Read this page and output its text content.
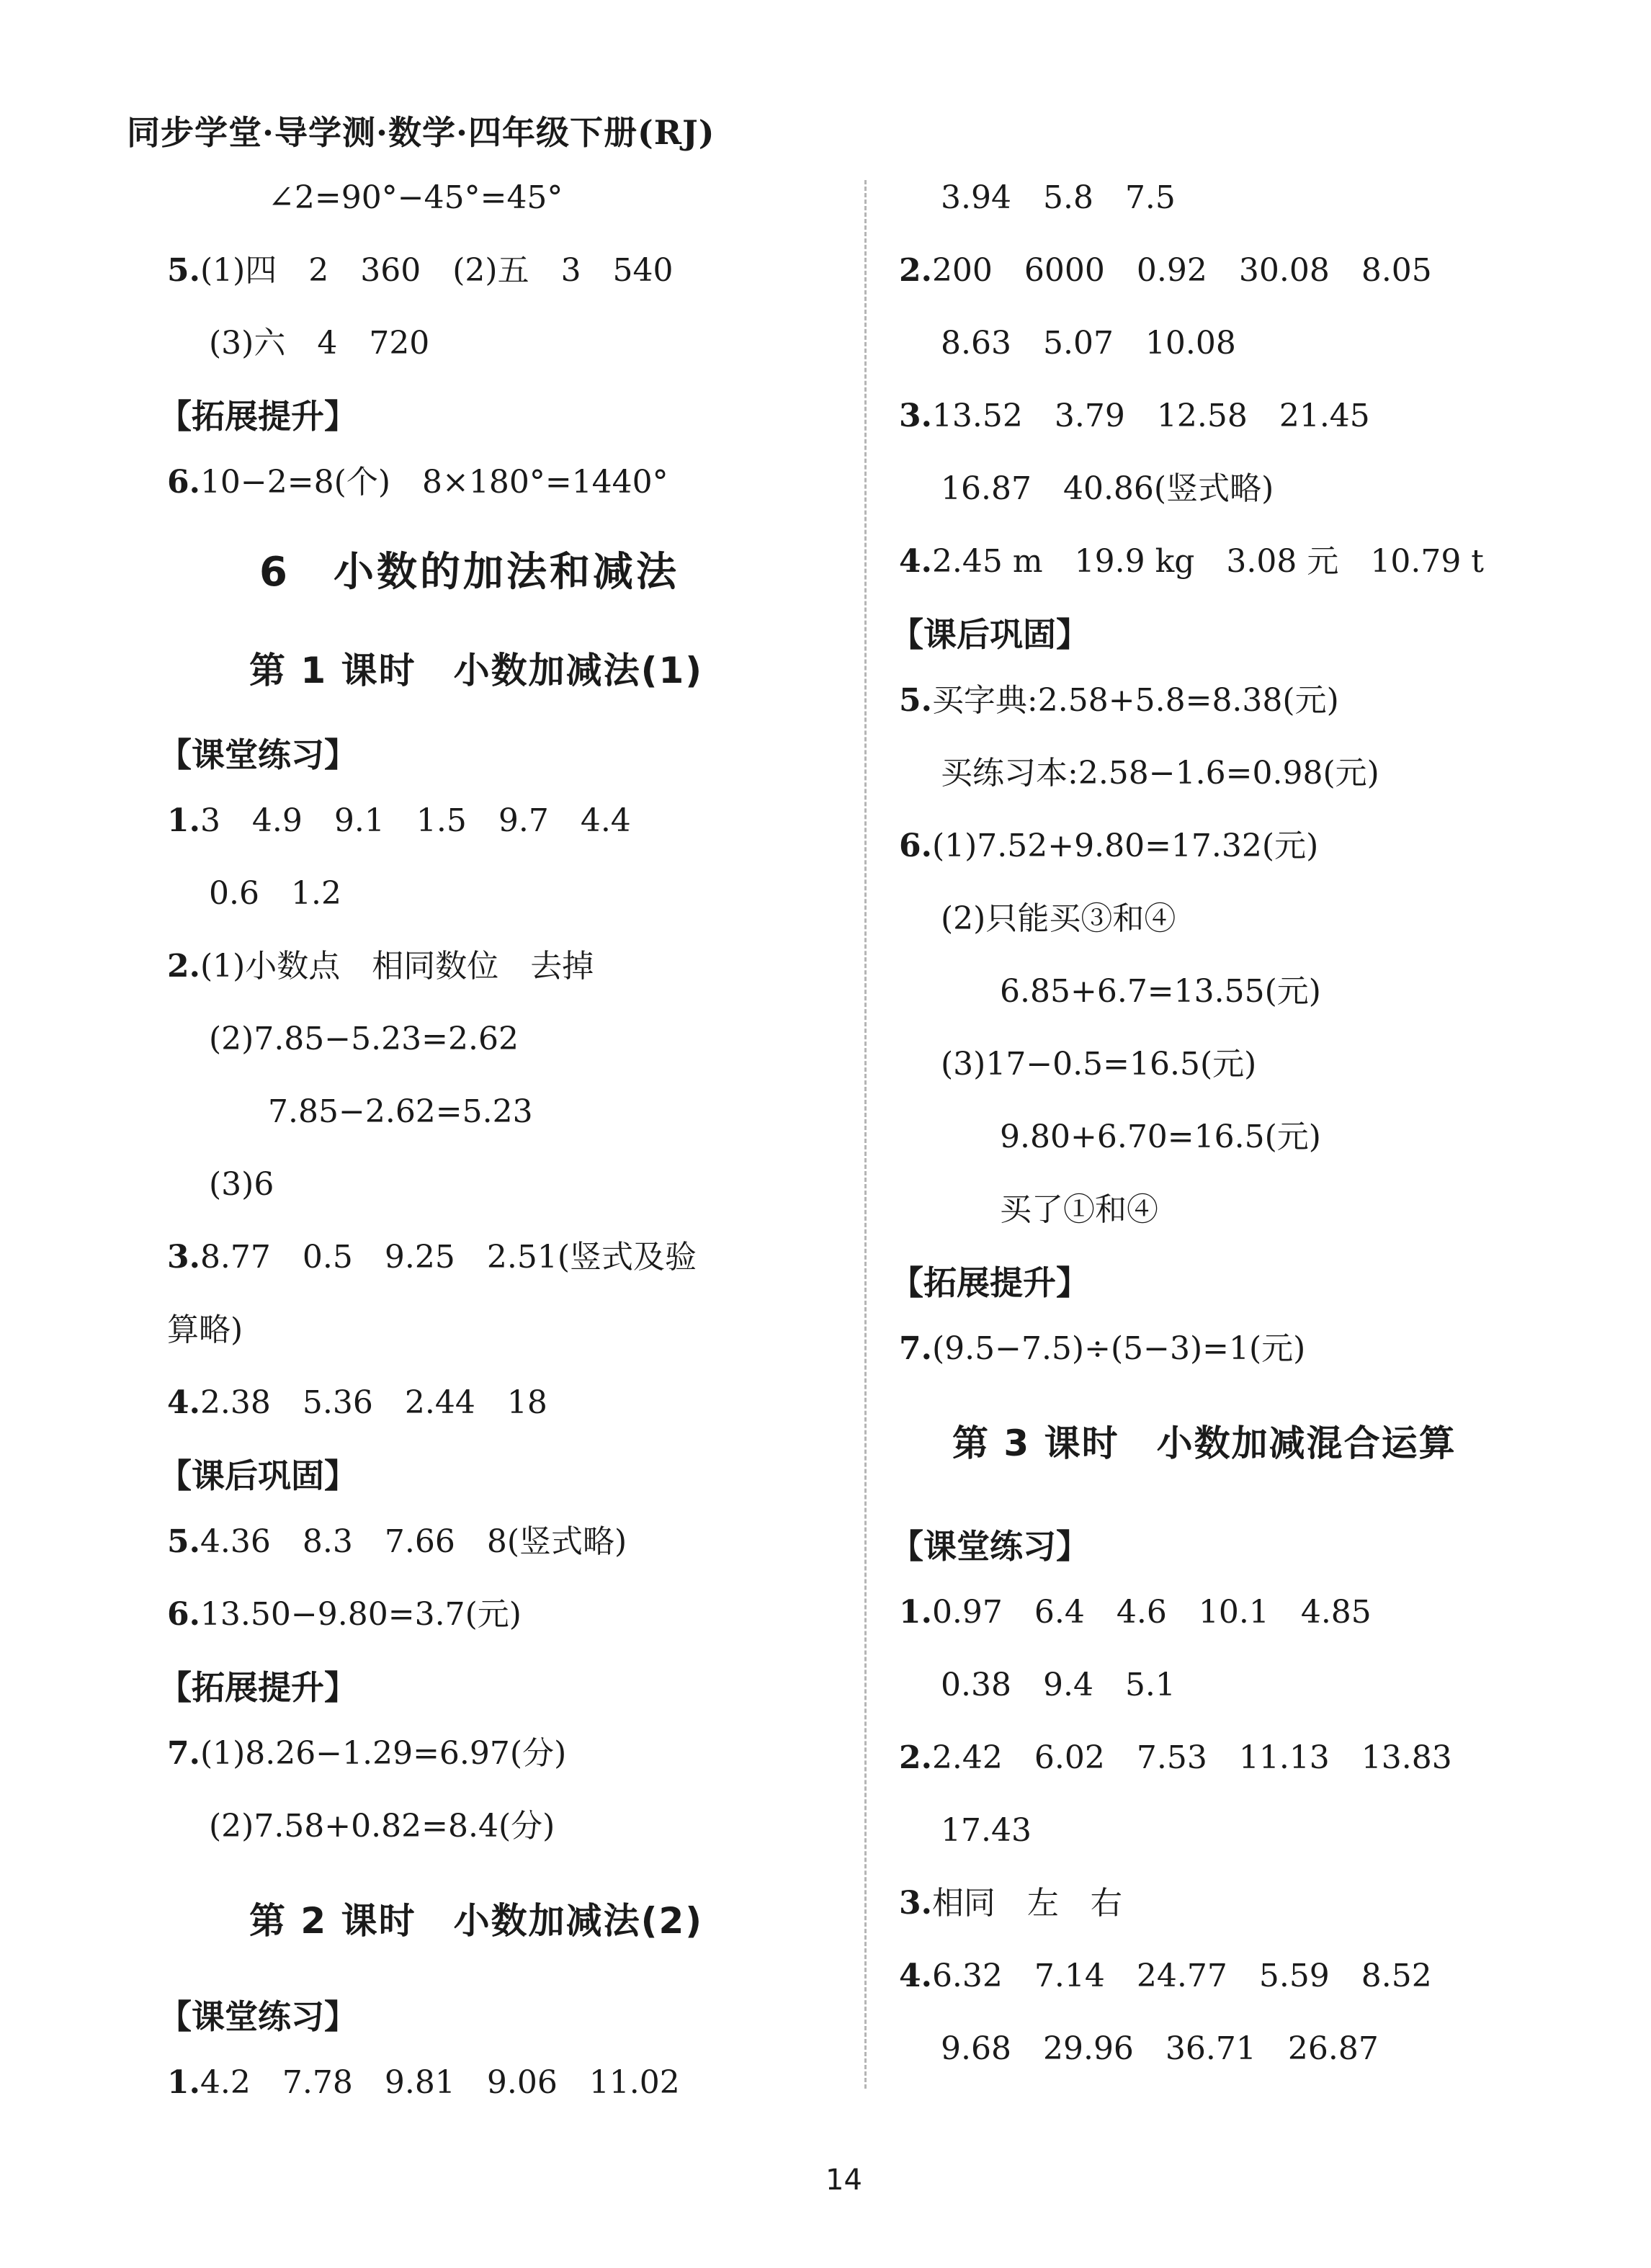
同步学堂·导学测·数学·四年级下册(RJ)
∠2=90°−45°=45°
5.(1)四　2　360　(2)五　3　540
(3)六　4　720
【拓展提升】
6.10−2=8(个)　8×180°=1440°
6　小数的加法和减法
第 1 课时　小数加减法(1)
【课堂练习】
1.3　4.9　9.1　1.5　9.7　4.4
0.6　1.2
2.(1)小数点　相同数位　去掉
(2)7.85−5.23=2.62
7.85−2.62=5.23
(3)6
3.8.77　0.5　9.25　2.51(竖式及验
算略)
4.2.38　5.36　2.44　18
【课后巩固】
5.4.36　8.3　7.66　8(竖式略)
6.13.50−9.80=3.7(元)
【拓展提升】
7.(1)8.26−1.29=6.97(分)
(2)7.58+0.82=8.4(分)
第 2 课时　小数加减法(2)
【课堂练习】
1.4.2　7.78　9.81　9.06　11.02
3.94　5.8　7.5
2.200　6000　0.92　30.08　8.05
8.63　5.07　10.08
3.13.52　3.79　12.58　21.45
16.87　40.86(竖式略)
4.2.45 m　19.9 kg　3.08 元　10.79 t
【课后巩固】
5.买字典:2.58+5.8=8.38(元)
买练习本:2.58−1.6=0.98(元)
6.(1)7.52+9.80=17.32(元)
(2)只能买③和④
6.85+6.7=13.55(元)
(3)17−0.5=16.5(元)
9.80+6.70=16.5(元)
买了①和④
【拓展提升】
7.(9.5−7.5)÷(5−3)=1(元)
第 3 课时　小数加减混合运算
【课堂练习】
1.0.97　6.4　4.6　10.1　4.85
0.38　9.4　5.1
2.2.42　6.02　7.53　11.13　13.83
17.43
3.相同　左　右
4.6.32　7.14　24.77　5.59　8.52
9.68　29.96　36.71　26.87
14
